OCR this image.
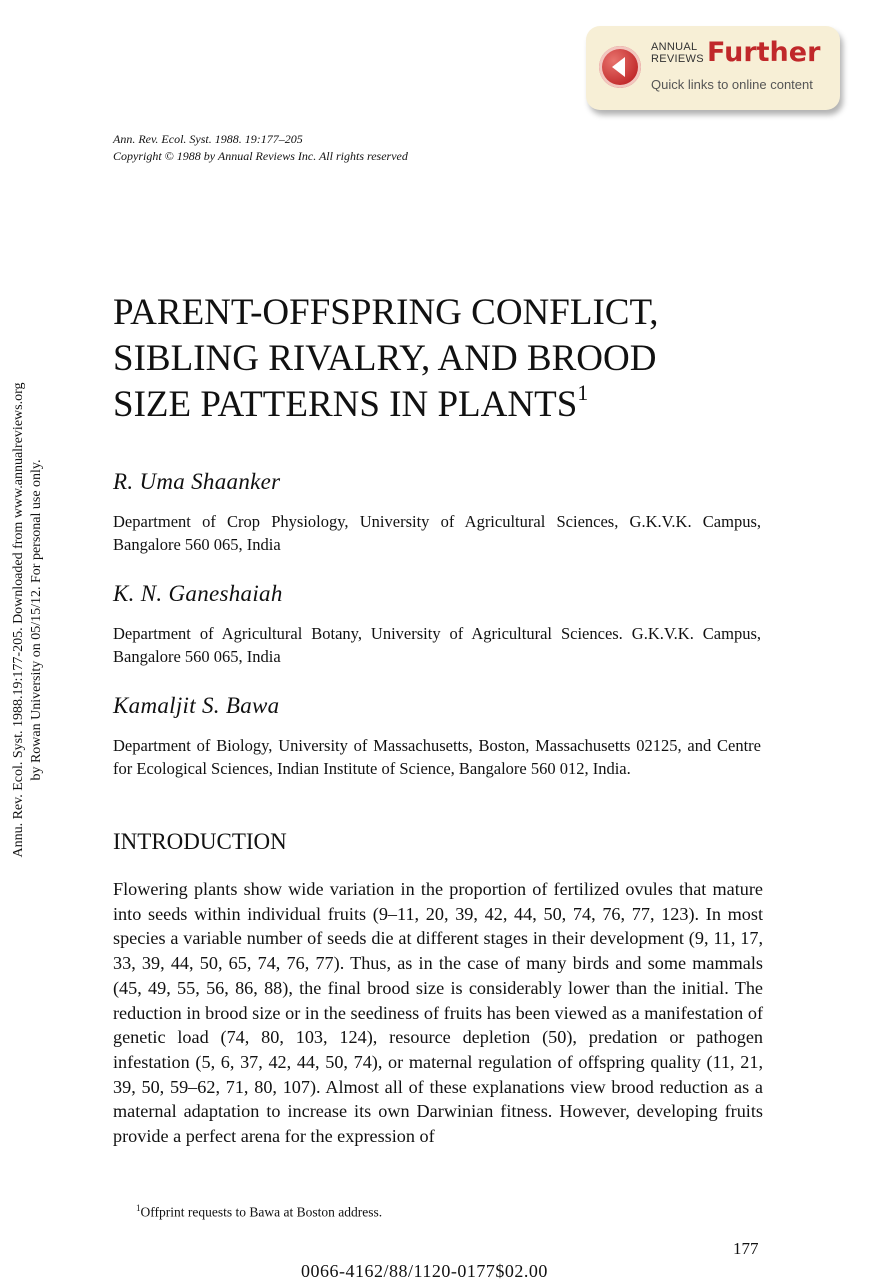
ANNUAL
REVIEWS Further
Quick links to online content
Ann. Rev. Ecol. Syst. 1988. 19:177–205
Copyright © 1988 by Annual Reviews Inc. All rights reserved
Annu. Rev. Ecol. Syst. 1988.19:177-205. Downloaded from www.annualreviews.org by Rowan University on 05/15/12. For personal use only.
PARENT-OFFSPRING CONFLICT,
SIBLING RIVALRY, AND BROOD
SIZE PATTERNS IN PLANTS$^1$
R. Uma Shaanker
Department of Crop Physiology, University of Agricultural Sciences, G.K.V.K. Campus, Bangalore 560 065, India
K. N. Ganeshaiah
Department of Agricultural Botany, University of Agricultural Sciences. G.K.V.K. Campus, Bangalore 560 065, India
Kamaljit S. Bawa
Department of Biology, University of Massachusetts, Boston, Massachusetts 02125, and Centre for Ecological Sciences, Indian Institute of Science, Bangalore 560 012, India.
INTRODUCTION

Flowering plants show wide variation in the proportion of fertilized ovules that mature into seeds within individual fruits (9–11, 20, 39, 42, 44, 50, 74, 76, 77, 123). In most species a variable number of seeds die at different stages in their development (9, 11, 17, 33, 39, 44, 50, 65, 74, 76, 77). Thus, as in the case of many birds and some mammals (45, 49, 55, 56, 86, 88), the final brood size is considerably lower than the initial. The reduction in brood size or in the seediness of fruits has been viewed as a manifestation of genetic load (74, 80, 103, 124), resource depletion (50), predation or pathogen infestation (5, 6, 37, 42, 44, 50, 74), or maternal regulation of offspring quality (11, 21, 39, 50, 59–62, 71, 80, 107). Almost all of these explanations view brood reduction as a maternal adaptation to increase its own Darwinian fitness. However, developing fruits provide a perfect arena for the expression of

$^1$Offprint requests to Bawa at Boston address.
177
0066-4162/88/1120-0177$02.00
